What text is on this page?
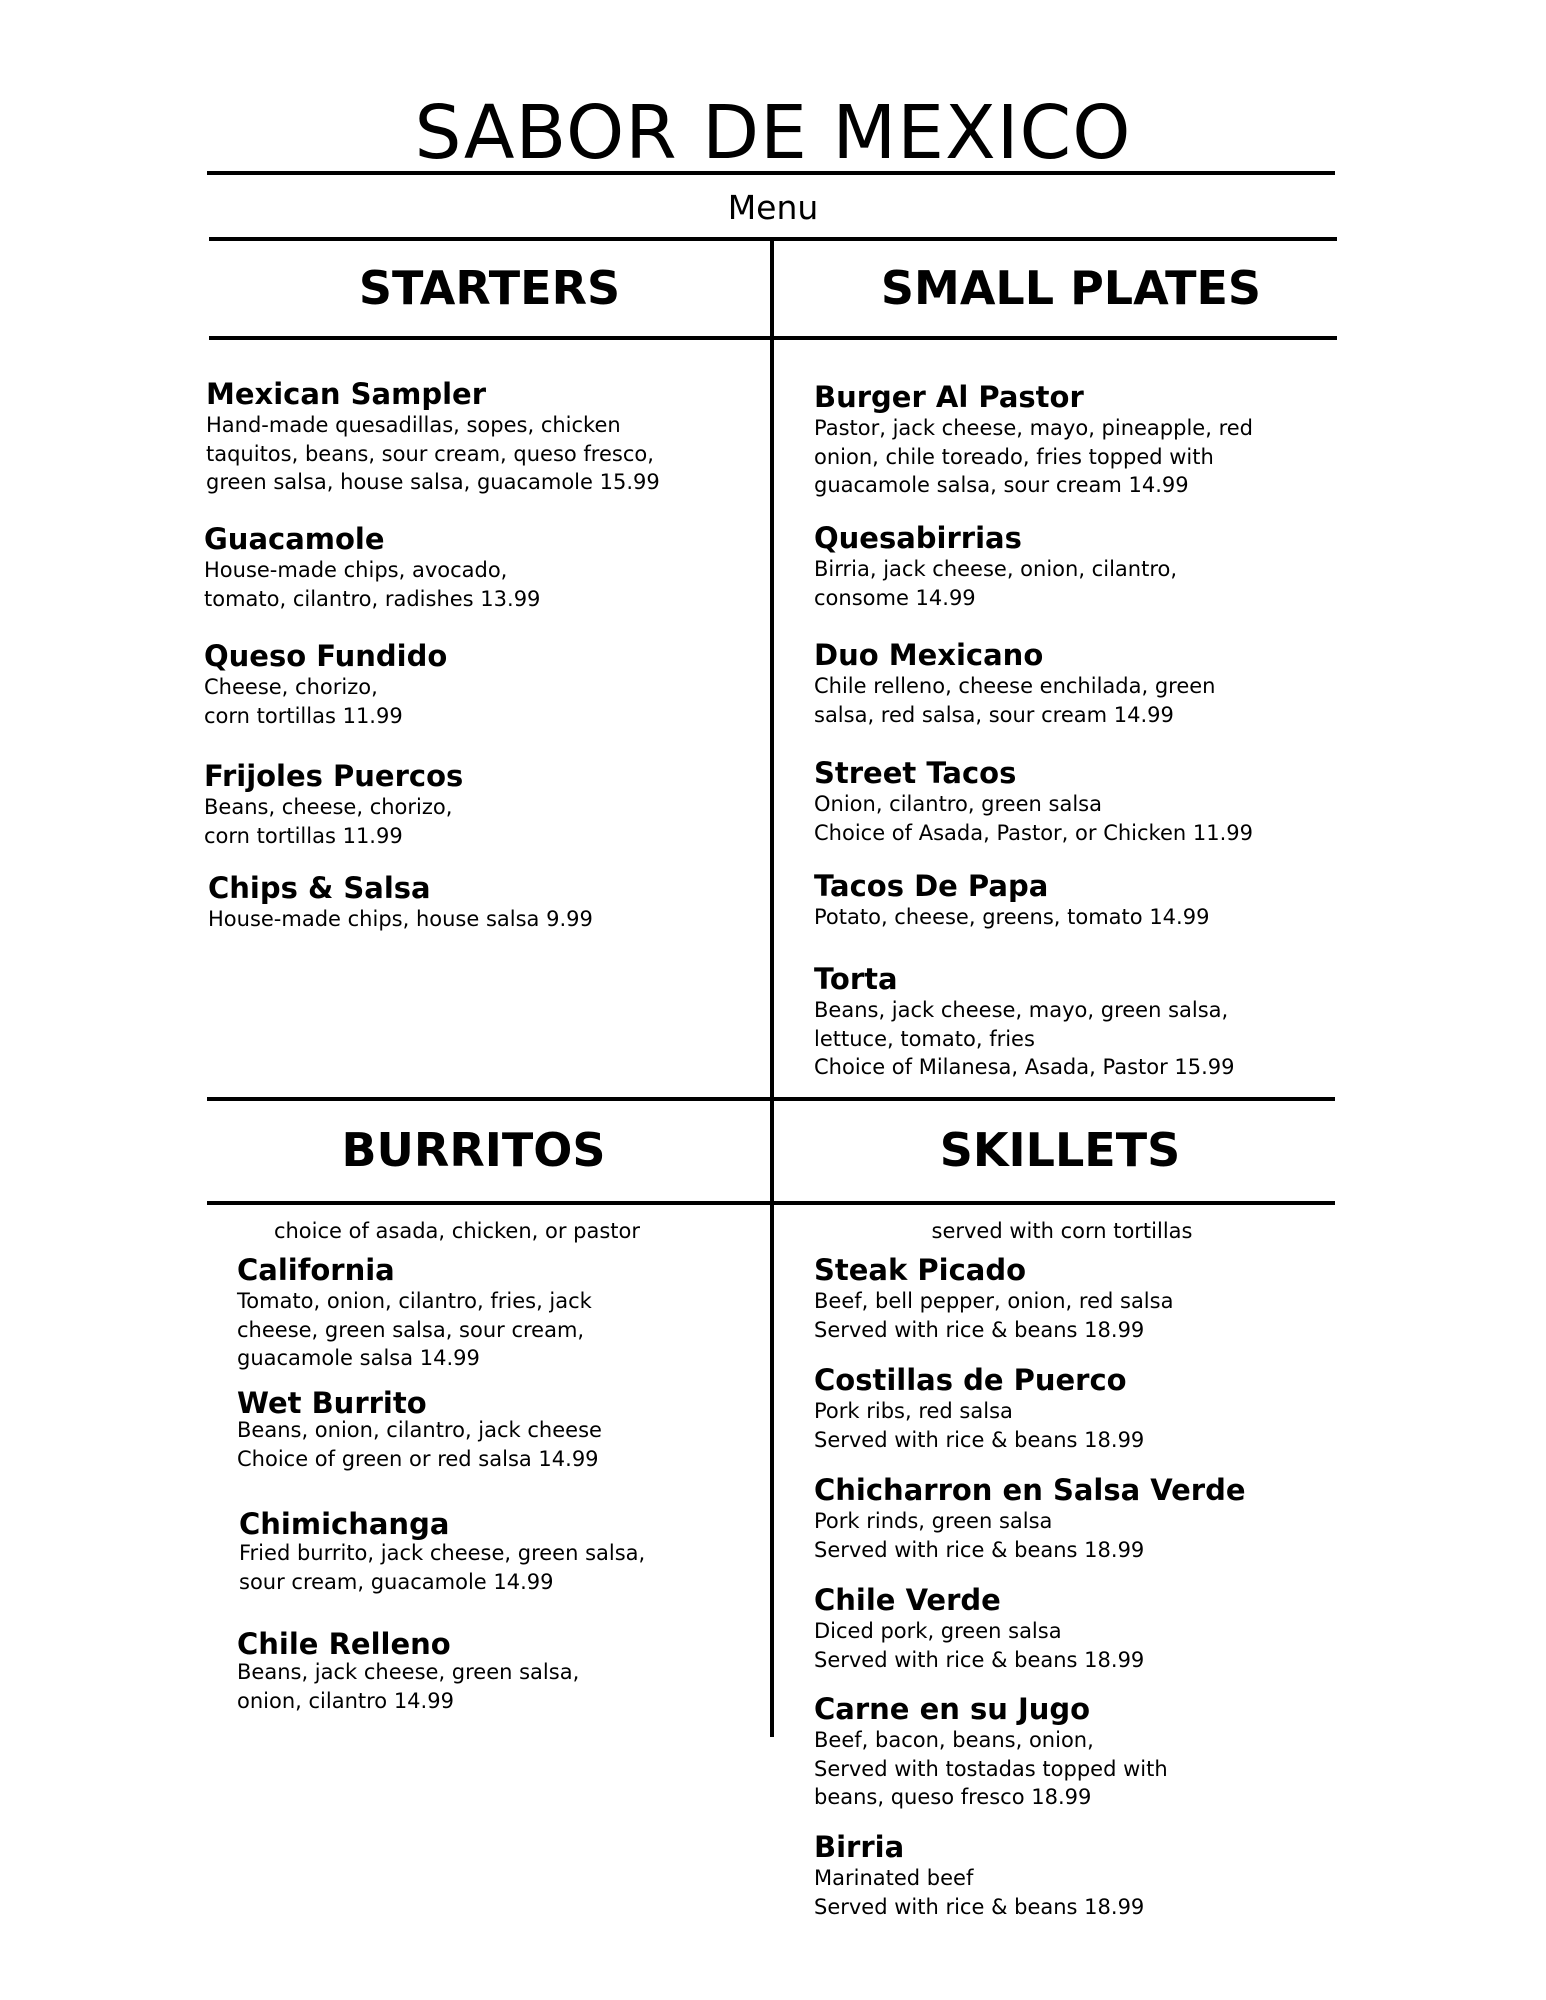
SABOR DE MEXICO
Menu
STARTERS	SMALL PLATES
BURRITOS	SKILLETS
choice of asada, chicken, or pastor	served with corn tortillas
Mexican Sampler
Hand-made quesadillas, sopes, chicken
taquitos, beans, sour cream, queso fresco,
green salsa, house salsa, guacamole 15.99
Guacamole
House-made chips, avocado,
tomato, cilantro, radishes 13.99
Queso Fundido
Cheese, chorizo,
corn tortillas 11.99
Frijoles Puercos
Beans, cheese, chorizo,
corn tortillas 11.99
Chips & Salsa
House-made chips, house salsa 9.99
Burger Al Pastor
Pastor, jack cheese, mayo, pineapple, red
onion, chile toreado, fries topped with
guacamole salsa, sour cream 14.99
Quesabirrias
Birria, jack cheese, onion, cilantro,
consome 14.99
Duo Mexicano
Chile relleno, cheese enchilada, green
salsa, red salsa, sour cream 14.99
Street Tacos
Onion, cilantro, green salsa
Choice of Asada, Pastor, or Chicken 11.99
Tacos De Papa
Potato, cheese, greens, tomato 14.99
Torta
Beans, jack cheese, mayo, green salsa,
lettuce, tomato, fries
Choice of Milanesa, Asada, Pastor 15.99
California
Tomato, onion, cilantro, fries, jack
cheese, green salsa, sour cream,
guacamole salsa 14.99
Wet Burrito
Beans, onion, cilantro, jack cheese
Choice of green or red salsa 14.99
Chimichanga
Fried burrito, jack cheese, green salsa,
sour cream, guacamole 14.99
Chile Relleno
Beans, jack cheese, green salsa,
onion, cilantro 14.99
Steak Picado
Beef, bell pepper, onion, red salsa
Served with rice & beans 18.99
Costillas de Puerco
Pork ribs, red salsa
Served with rice & beans 18.99
Chicharron en Salsa Verde
Pork rinds, green salsa
Served with rice & beans 18.99
Chile Verde
Diced pork, green salsa
Served with rice & beans 18.99
Carne en su Jugo
Beef, bacon, beans, onion,
Served with tostadas topped with
beans, queso fresco 18.99
Birria
Marinated beef
Served with rice & beans 18.99
